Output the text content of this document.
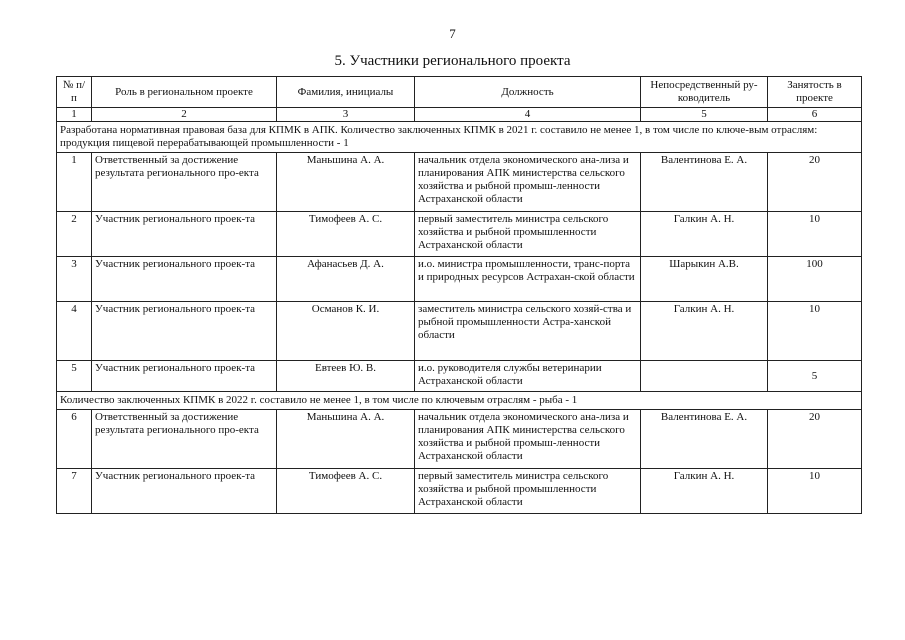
7
5. Участники регионального проекта
№ п/п	Роль в региональном проекте	Фамилия, инициалы	Должность	Непосредственный ру-ководитель	Занятость в проекте
1	2	3	4	5	6
Разработана нормативная правовая база для КПМК в АПК. Количество заключенных КПМК в 2021 г. составило не менее 1, в том числе по ключе-вым отраслям: продукция пищевой перерабатывающей промышленности - 1					
1	Ответственный за достижение результата регионального про-екта	Маньшина А. А.	начальник отдела экономического ана-лиза и планирования АПК министерства сельского хозяйства и рыбной промыш-ленности Астраханской области	Валентинова Е. А.	20
2	Участник регионального проек-та	Тимофеев А. С.	первый заместитель министра сельского хозяйства и рыбной промышленности Астраханской области	Галкин А. Н.	10
3	Участник регионального проек-та	Афанасьев Д. А.	и.о. министра промышленности, транс-порта и природных ресурсов Астрахан-ской области	Шарыкин А.В.	100
4	Участник регионального проек-та	Османов К. И.	заместитель министра сельского хозяй-ства и рыбной промышленности Астра-ханской области	Галкин А. Н.	10
5	Участник регионального проек-та	Евтеев Ю. В.	и.о. руководителя службы ветеринарии Астраханской области		5
Количество заключенных КПМК в 2022 г. составило не менее 1, в том числе по ключевым отраслям - рыба - 1					
6	Ответственный за достижение результата регионального про-екта	Маньшина А. А.	начальник отдела экономического ана-лиза и планирования АПК министерства сельского хозяйства и рыбной промыш-ленности Астраханской области	Валентинова Е. А.	20
7	Участник регионального проек-та	Тимофеев А. С.	первый заместитель министра сельского хозяйства и рыбной промышленности Астраханской области	Галкин А. Н.	10
